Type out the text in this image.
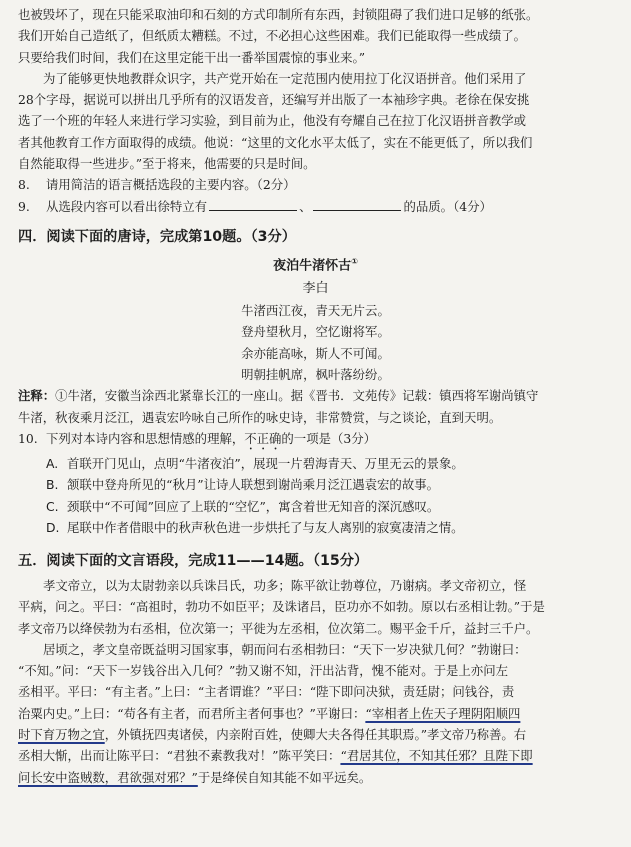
也被毁坏了，现在只能采取油印和石刻的方式印制所有东西，封锁阻碍了我们进口足够的纸张。
我们开始自己造纸了，但纸质太糟糕。不过，不必担心这些困难。我们已能取得一些成绩了。
只要给我们时间，我们在这里定能干出一番举国震惊的事业来。”
为了能够更快地教群众识字，共产党开始在一定范围内使用拉丁化汉语拼音。他们采用了
28个字母，据说可以拼出几乎所有的汉语发音，还编写并出版了一本袖珍字典。老徐在保安挑
选了一个班的年轻人来进行学习实验，到目前为止，他没有夸耀自己在拉丁化汉语拼音教学或
者其他教育工作方面取得的成绩。他说：“这里的文化水平太低了，实在不能更低了，所以我们
自然能取得一些进步。”至于将来，他需要的只是时间。
8. 请用简洁的语言概括选段的主要内容。（2分）
9. 从选段内容可以看出徐特立有	、	的品质。（4分）
四．阅读下面的唐诗，完成第10题。（3分）
夜泊牛渚怀古①
李白
牛渚西江夜，青天无片云。
登舟望秋月，空忆谢将军。
余亦能高咏，斯人不可闻。
明朝挂帆席，枫叶落纷纷。
注释：①牛渚，安徽当涂西北紧靠长江的一座山。据《晋书．文苑传》记载：镇西将军谢尚镇守
牛渚，秋夜乘月泛江，遇袁宏吟咏自己所作的咏史诗，非常赞赏，与之谈论，直到天明。
10. 下列对本诗内容和思想情感的理解，不正确的一项是（3分）
A. 首联开门见山，点明“牛渚夜泊”，展现一片碧海青天、万里无云的景象。
B. 颔联中登舟所见的“秋月”让诗人联想到谢尚乘月泛江遇袁宏的故事。
C. 颈联中“不可闻”回应了上联的“空忆”，寓含着世无知音的深沉感叹。
D. 尾联中作者借眼中的秋声秋色进一步烘托了与友人离别的寂寞凄清之情。
五．阅读下面的文言语段，完成11——14题。（15分）
孝文帝立，以为太尉勃亲以兵诛吕氏，功多；陈平欲让勃尊位，乃谢病。孝文帝初立，怪
平病，问之。平曰：“高祖时，勃功不如臣平；及诛诸吕，臣功亦不如勃。原以右丞相让勃。”于是
孝文帝乃以绛侯勃为右丞相，位次第一；平徙为左丞相，位次第二。赐平金千斤，益封三千户。
居顷之，孝文皇帝既益明习国家事，朝而问右丞相勃曰：“天下一岁决狱几何？”勃谢曰：
“不知。”问：“天下一岁钱谷出入几何？”勃又谢不知，汗出沾背，愧不能对。于是上亦问左
丞相平。平曰：“有主者。”上曰：“主者谓谁？”平曰：“陛下即问决狱，责廷尉；问钱谷，责
治粟内史。”上曰：“苟各有主者，而君所主者何事也？”平谢曰：“宰相者上佐天子理阴阳顺四
时下育万物之宜，外镇抚四夷诸侯，内亲附百姓，使卿大夫各得任其职焉。”孝文帝乃称善。右
丞相大惭，出而让陈平曰：“君独不素教我对！”陈平笑曰：“君居其位，不知其任邪？且陛下即
问长安中盗贼数，君欲强对邪？”于是绛侯自知其能不如平远矣。
